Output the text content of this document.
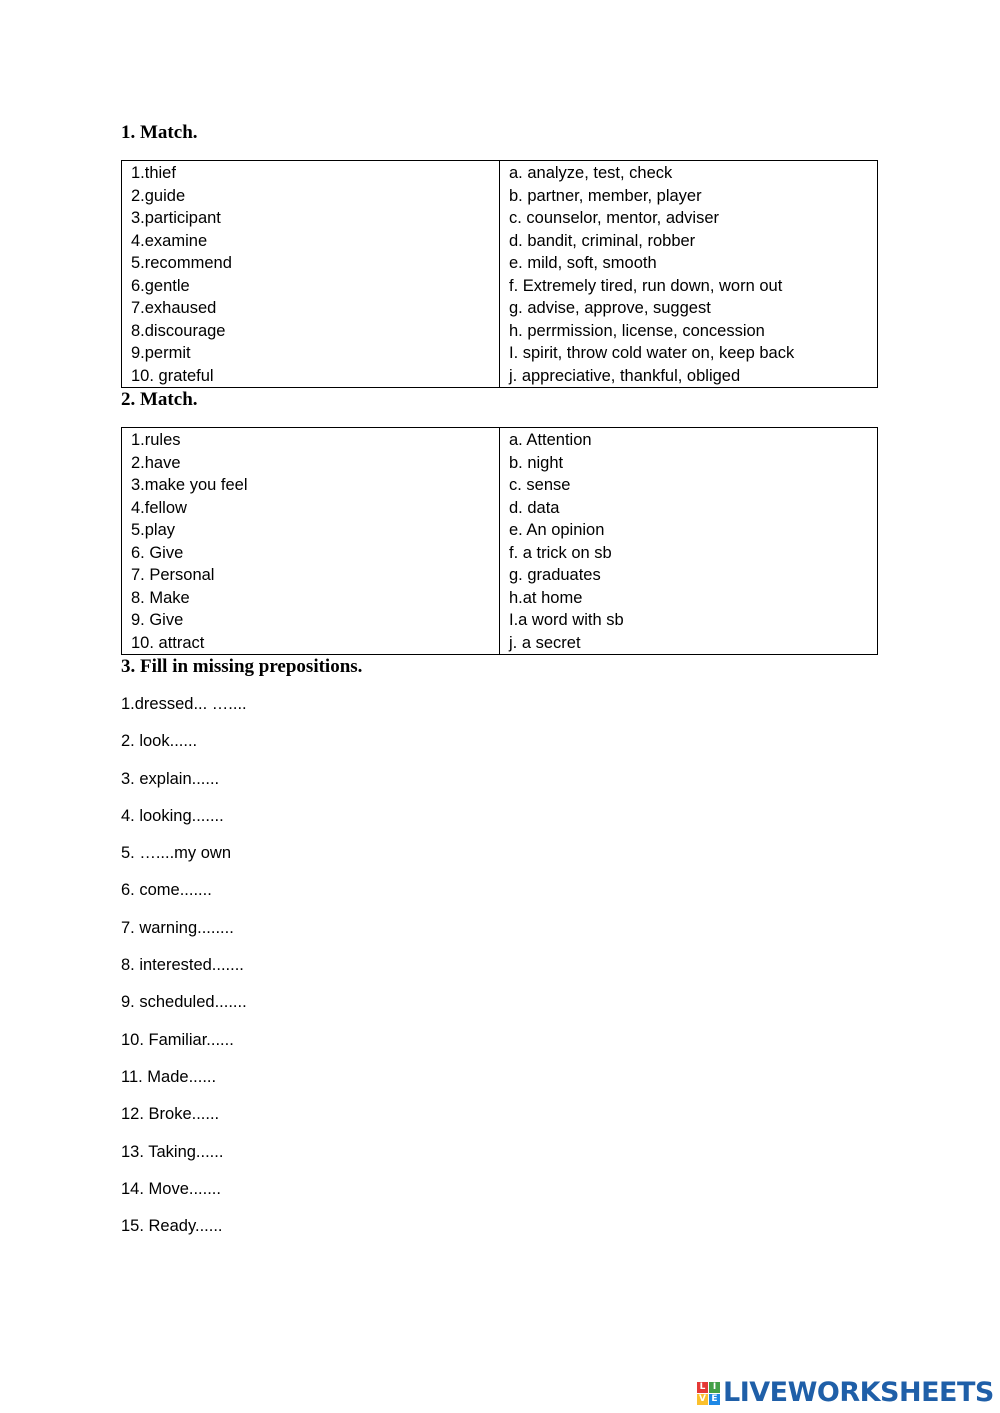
1. Match.
1.thief
2.guide
3.participant
4.examine
5.recommend
6.gentle
7.exhaused
8.discourage
9.permit
10. grateful
a. analyze, test, check
b. partner, member, player
c. counselor, mentor, adviser
d. bandit, criminal, robber
e. mild, soft, smooth
f. Extremely tired, run down, worn out
g. advise, approve, suggest
h. perrmission, license, concession
I. spirit, throw cold water on, keep back
j. appreciative, thankful, obliged
2. Match.
1.rules
2.have
3.make you feel
4.fellow
5.play
6. Give
7. Personal
8. Make
9. Give
10. attract
a. Attention
b. night
c. sense
d. data
e. An opinion
f. a trick on sb
g. graduates
h.at home
I.a word with sb
j. a secret
3. Fill in missing prepositions.
1.dressed... …....
2. look......
3. explain......
4. looking.......
5. …....my own
6. come.......
7. warning........
8. interested.......
9. scheduled.......
10. Familiar......
11. Made......
12. Broke......
13. Taking......
14. Move.......
15. Ready......
L I
V E LIVEWORKSHEETS
